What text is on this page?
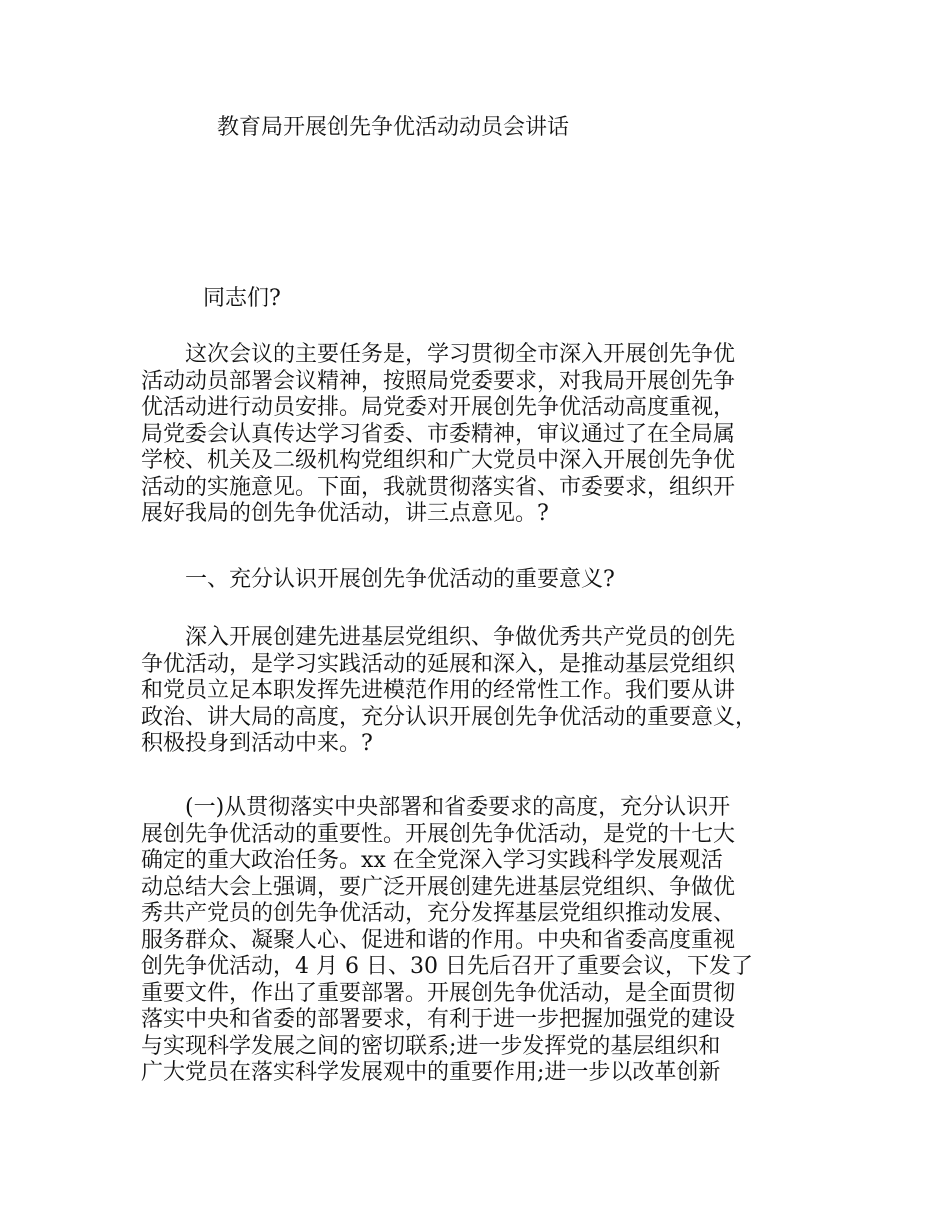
教育局开展创先争优活动动员会讲话

同志们?

　　这次会议的主要任务是，学习贯彻全市深入开展创先争优
活动动员部署会议精神，按照局党委要求，对我局开展创先争
优活动进行动员安排。局党委对开展创先争优活动高度重视，
局党委会认真传达学习省委、市委精神，审议通过了在全局属
学校、机关及二级机构党组织和广大党员中深入开展创先争优
活动的实施意见。下面，我就贯彻落实省、市委要求，组织开
展好我局的创先争优活动，讲三点意见。?

　　一、充分认识开展创先争优活动的重要意义?

　　深入开展创建先进基层党组织、争做优秀共产党员的创先
争优活动，是学习实践活动的延展和深入，是推动基层党组织
和党员立足本职发挥先进模范作用的经常性工作。我们要从讲
政治、讲大局的高度，充分认识开展创先争优活动的重要意义，
积极投身到活动中来。?

　　(一)从贯彻落实中央部署和省委要求的高度，充分认识开
展创先争优活动的重要性。开展创先争优活动，是党的十七大
确定的重大政治任务。xx 在全党深入学习实践科学发展观活
动总结大会上强调，要广泛开展创建先进基层党组织、争做优
秀共产党员的创先争优活动，充分发挥基层党组织推动发展、
服务群众、凝聚人心、促进和谐的作用。中央和省委高度重视
创先争优活动，4 月 6 日、30 日先后召开了重要会议，下发了
重要文件，作出了重要部署。开展创先争优活动，是全面贯彻
落实中央和省委的部署要求，有利于进一步把握加强党的建设
与实现科学发展之间的密切联系;进一步发挥党的基层组织和
广大党员在落实科学发展观中的重要作用;进一步以改革创新
